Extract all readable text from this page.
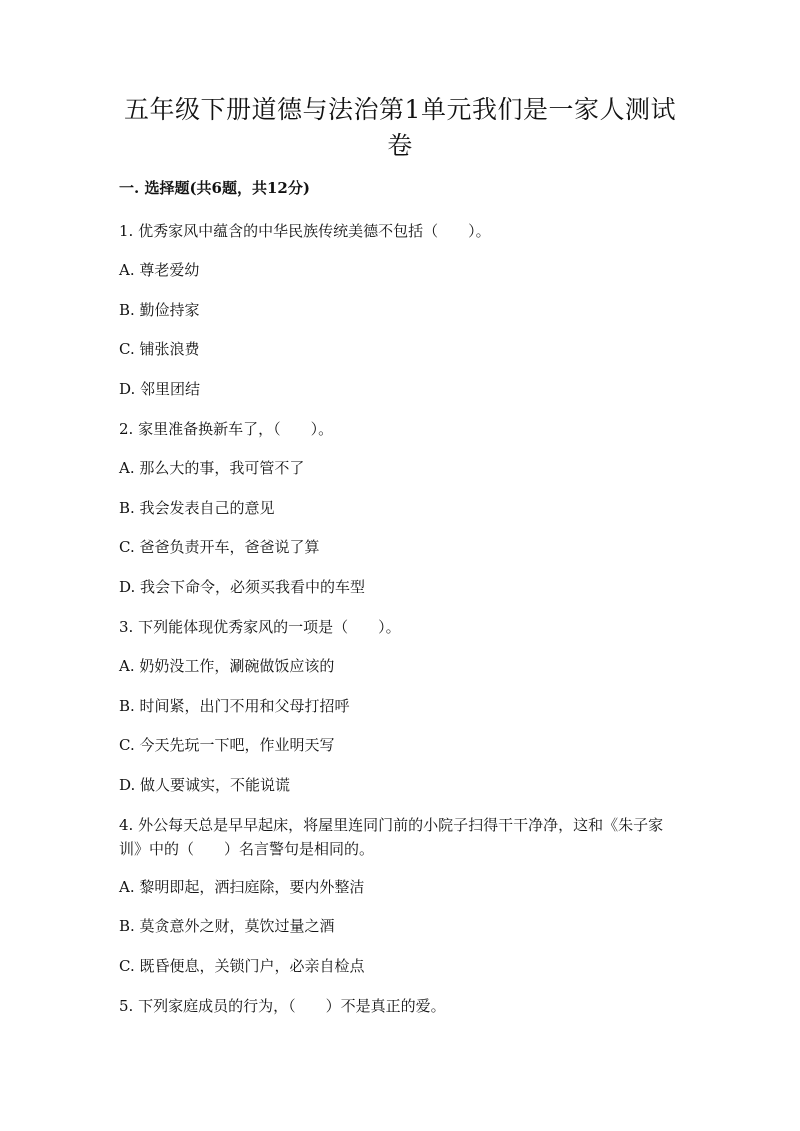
五年级下册道德与法治第1单元我们是一家人测试卷
一. 选择题(共6题，共12分)
1. 优秀家风中蕴含的中华民族传统美德不包括（　　）。
A. 尊老爱幼
B. 勤俭持家
C. 铺张浪费
D. 邻里团结
2. 家里准备换新车了，（　　）。
A. 那么大的事，我可管不了
B. 我会发表自己的意见
C. 爸爸负责开车，爸爸说了算
D. 我会下命令，必须买我看中的车型
3. 下列能体现优秀家风的一项是（　　）。
A. 奶奶没工作，涮碗做饭应该的
B. 时间紧，出门不用和父母打招呼
C. 今天先玩一下吧，作业明天写
D. 做人要诚实，不能说谎
4. 外公每天总是早早起床，将屋里连同门前的小院子扫得干干净净，这和《朱子家训》中的（　　）名言警句是相同的。
A. 黎明即起，洒扫庭除，要内外整洁
B. 莫贪意外之财，莫饮过量之酒
C. 既昏便息，关锁门户，必亲自检点
5. 下列家庭成员的行为，（　　）不是真正的爱。
